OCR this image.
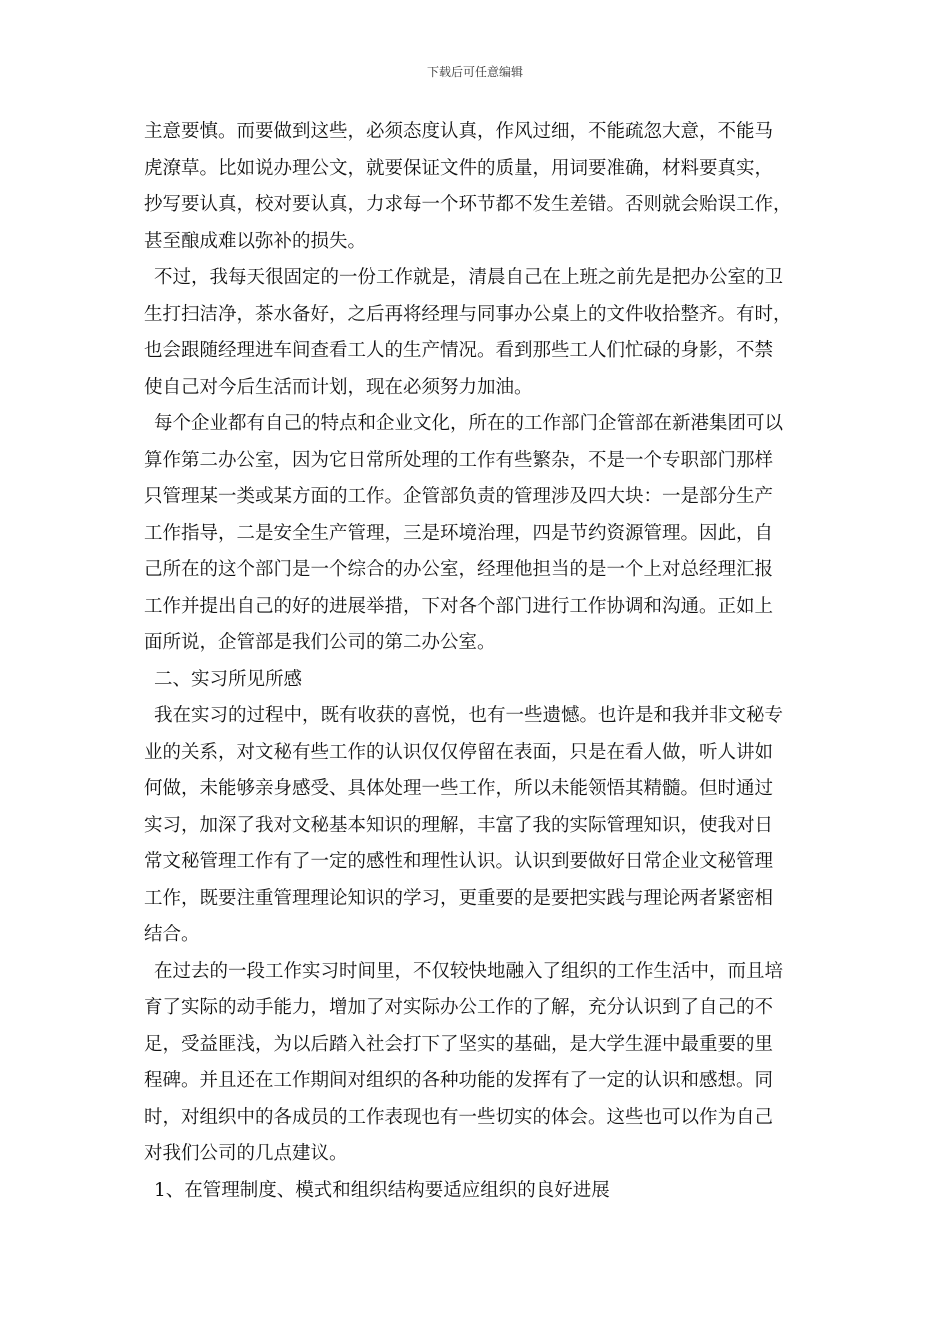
下载后可任意编辑
主意要慎。而要做到这些，必须态度认真，作风过细，不能疏忽大意，不能马
虎潦草。比如说办理公文，就要保证文件的质量，用词要准确，材料要真实，
抄写要认真，校对要认真，力求每一个环节都不发生差错。否则就会贻误工作，
甚至酿成难以弥补的损失。
不过，我每天很固定的一份工作就是，清晨自己在上班之前先是把办公室的卫
生打扫洁净，茶水备好，之后再将经理与同事办公桌上的文件收拾整齐。有时，
也会跟随经理进车间查看工人的生产情况。看到那些工人们忙碌的身影，不禁
使自己对今后生活而计划，现在必须努力加油。
每个企业都有自己的特点和企业文化，所在的工作部门企管部在新港集团可以
算作第二办公室，因为它日常所处理的工作有些繁杂，不是一个专职部门那样
只管理某一类或某方面的工作。企管部负责的管理涉及四大块：一是部分生产
工作指导，二是安全生产管理，三是环境治理，四是节约资源管理。因此，自
己所在的这个部门是一个综合的办公室，经理他担当的是一个上对总经理汇报
工作并提出自己的好的进展举措，下对各个部门进行工作协调和沟通。正如上
面所说，企管部是我们公司的第二办公室。
二、实习所见所感
我在实习的过程中，既有收获的喜悦，也有一些遗憾。也许是和我并非文秘专
业的关系，对文秘有些工作的认识仅仅停留在表面，只是在看人做，听人讲如
何做，未能够亲身感受、具体处理一些工作，所以未能领悟其精髓。但时通过
实习，加深了我对文秘基本知识的理解，丰富了我的实际管理知识，使我对日
常文秘管理工作有了一定的感性和理性认识。认识到要做好日常企业文秘管理
工作，既要注重管理理论知识的学习，更重要的是要把实践与理论两者紧密相
结合。
在过去的一段工作实习时间里，不仅较快地融入了组织的工作生活中，而且培
育了实际的动手能力，增加了对实际办公工作的了解，充分认识到了自己的不
足，受益匪浅，为以后踏入社会打下了坚实的基础，是大学生涯中最重要的里
程碑。并且还在工作期间对组织的各种功能的发挥有了一定的认识和感想。同
时，对组织中的各成员的工作表现也有一些切实的体会。这些也可以作为自己
对我们公司的几点建议。
1、在管理制度、模式和组织结构要适应组织的良好进展
